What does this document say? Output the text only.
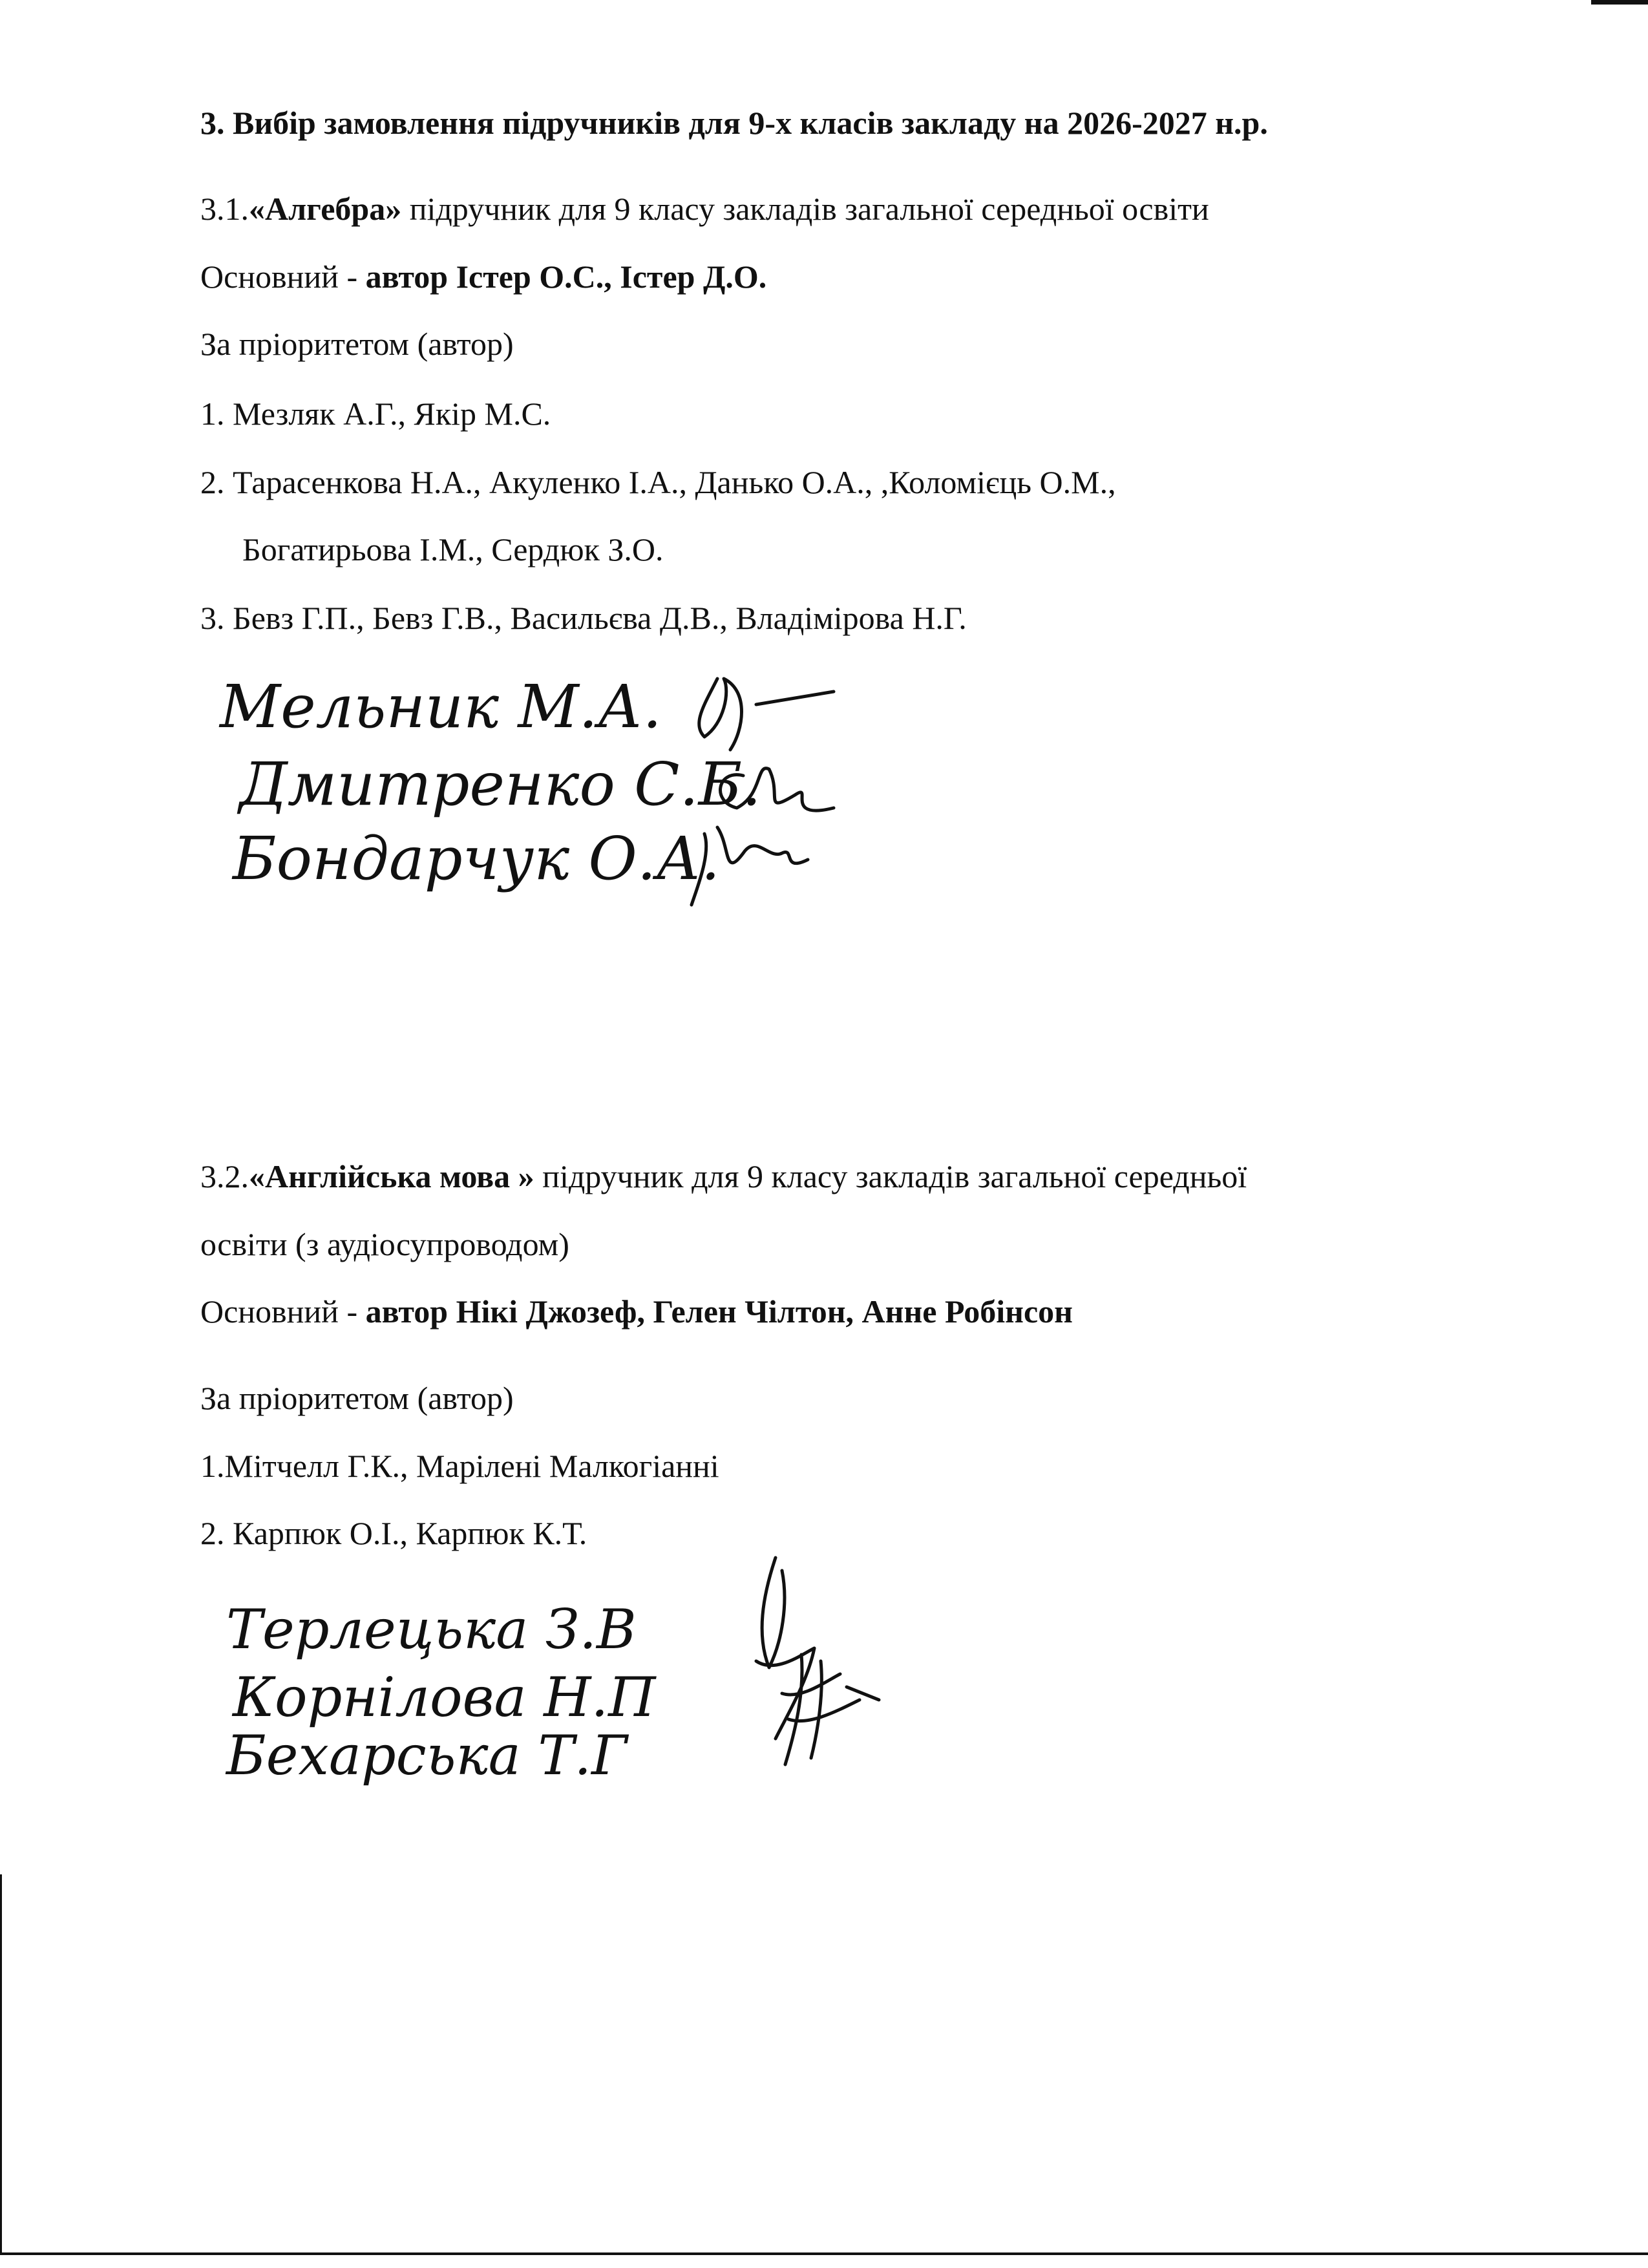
3. Вибір замовлення підручників для 9-х класів закладу на 2026-2027 н.р.

3.1.«Алгебра» підручник для 9 класу закладів загальної середньої освіти

Основний - автор Істер О.С., Істер Д.О.

За пріоритетом (автор)

1. Мезляк А.Г., Якір М.С.

2. Тарасенкова Н.А., Акуленко І.А., Данько О.А., ,Коломієць О.М.,

Богатирьова І.М., Сердюк З.О.

3. Бевз Г.П., Бевз Г.В., Васильєва Д.В., Владімірова Н.Г.

Мельник М.А.
Дмитренко С.Б.
Бондарчук О.А.

3.2.«Англійська мова » підручник для 9 класу закладів загальної середньої

освіти (з аудіосупроводом)

Основний - автор Нікі Джозеф, Гелен Чілтон, Анне Робінсон

За пріоритетом (автор)

1.Мітчелл Г.К., Марілені Малкогіанні

2. Карпюк О.І., Карпюк К.Т.

Терлецька З.В
Корнілова Н.П
Бехарська Т.Г
